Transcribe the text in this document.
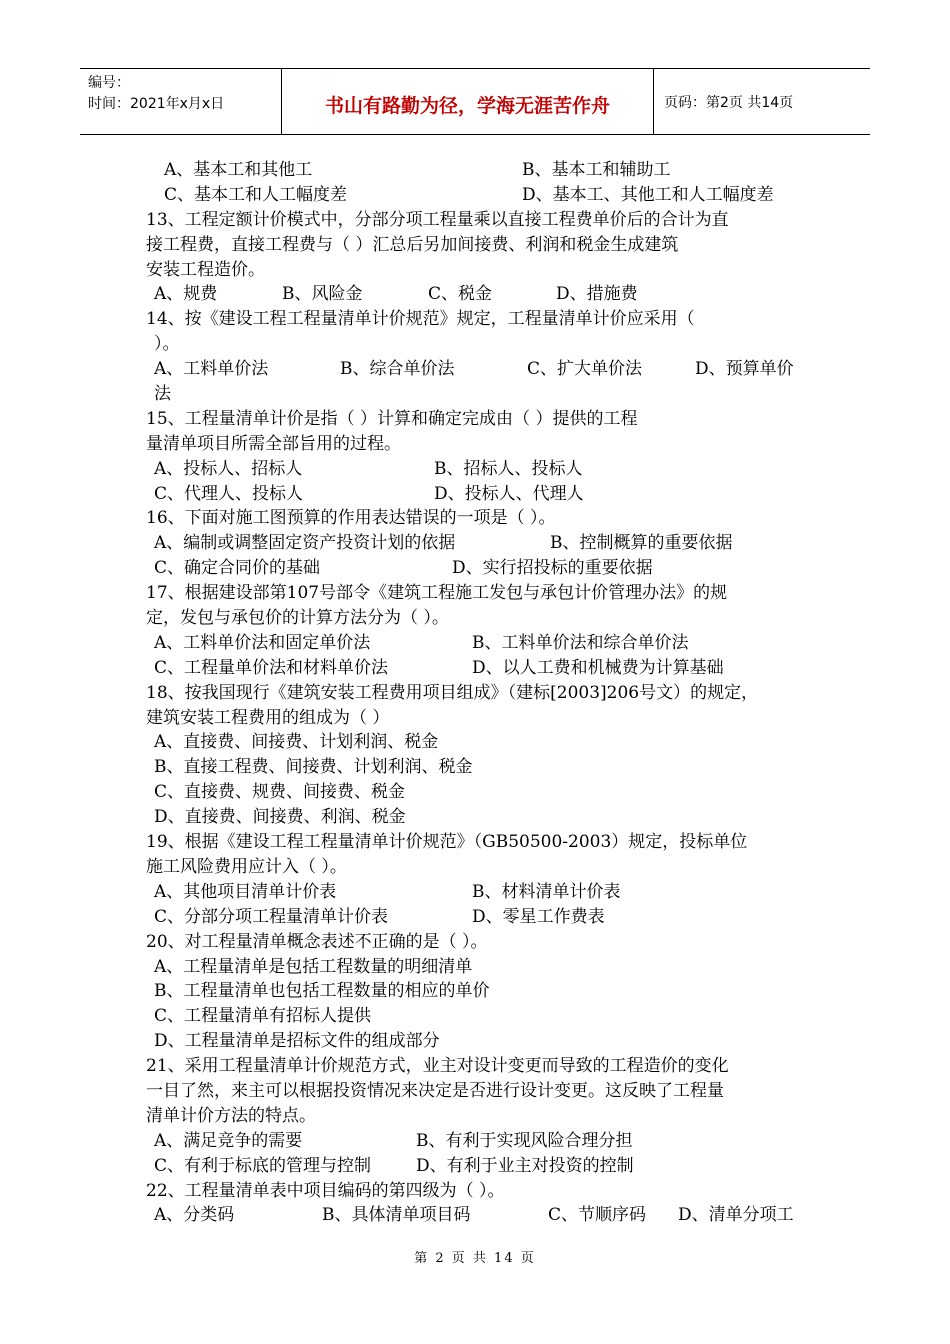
编号：
时间：2021年x月x日	书山有路勤为径，学海无涯苦作舟	页码：第2页 共14页
A、基本工和其他工	B、基本工和辅助工
C、基本工和人工幅度差	D、基本工、其他工和人工幅度差
13、工程定额计价模式中，分部分项工程量乘以直接工程费单价后的合计为直
接工程费，直接工程费与（ ）汇总后另加间接费、利润和税金生成建筑
安装工程造价。
A、规费	B、风险金	C、税金	D、措施费
14、按《建设工程工程量清单计价规范》规定，工程量清单计价应采用（
）。
A、工料单价法	B、综合单价法	C、扩大单价法	D、预算单价
法
15、工程量清单计价是指（ ）计算和确定完成由（ ）提供的工程
量清单项目所需全部旨用的过程。
A、投标人、招标人	B、招标人、投标人
C、代理人、投标人	D、投标人、代理人
16、下面对施工图预算的作用表达错误的一项是（ ）。
A、编制或调整固定资产投资计划的依据	B、控制概算的重要依据
C、确定合同价的基础	D、实行招投标的重要依据
17、根据建设部第107号部令《建筑工程施工发包与承包计价管理办法》的规
定，发包与承包价的计算方法分为（ ）。
A、工料单价法和固定单价法	B、工料单价法和综合单价法
C、工程量单价法和材料单价法	D、以人工费和机械费为计算基础
18、按我国现行《建筑安装工程费用项目组成》（建标[2003]206号文）的规定，
建筑安装工程费用的组成为（ ）
A、直接费、间接费、计划利润、税金
B、直接工程费、间接费、计划利润、税金
C、直接费、规费、间接费、税金
D、直接费、间接费、利润、税金
19、根据《建设工程工程量清单计价规范》（GB50500-2003）规定，投标单位
施工风险费用应计入（ ）。
A、其他项目清单计价表	B、材料清单计价表
C、分部分项工程量清单计价表	D、零星工作费表
20、对工程量清单概念表述不正确的是（ ）。
A、工程量清单是包括工程数量的明细清单
B、工程量清单也包括工程数量的相应的单价
C、工程量清单有招标人提供
D、工程量清单是招标文件的组成部分
21、采用工程量清单计价规范方式，业主对设计变更而导致的工程造价的变化
一目了然，来主可以根据投资情况来决定是否进行设计变更。这反映了工程量
清单计价方法的特点。
A、满足竞争的需要	B、有利于实现风险合理分担
C、有利于标底的管理与控制	D、有利于业主对投资的控制
22、工程量清单表中项目编码的第四级为（ ）。
A、分类码	B、具体清单项目码	C、节顺序码 D、清单分项工
第 2 页 共 14 页
